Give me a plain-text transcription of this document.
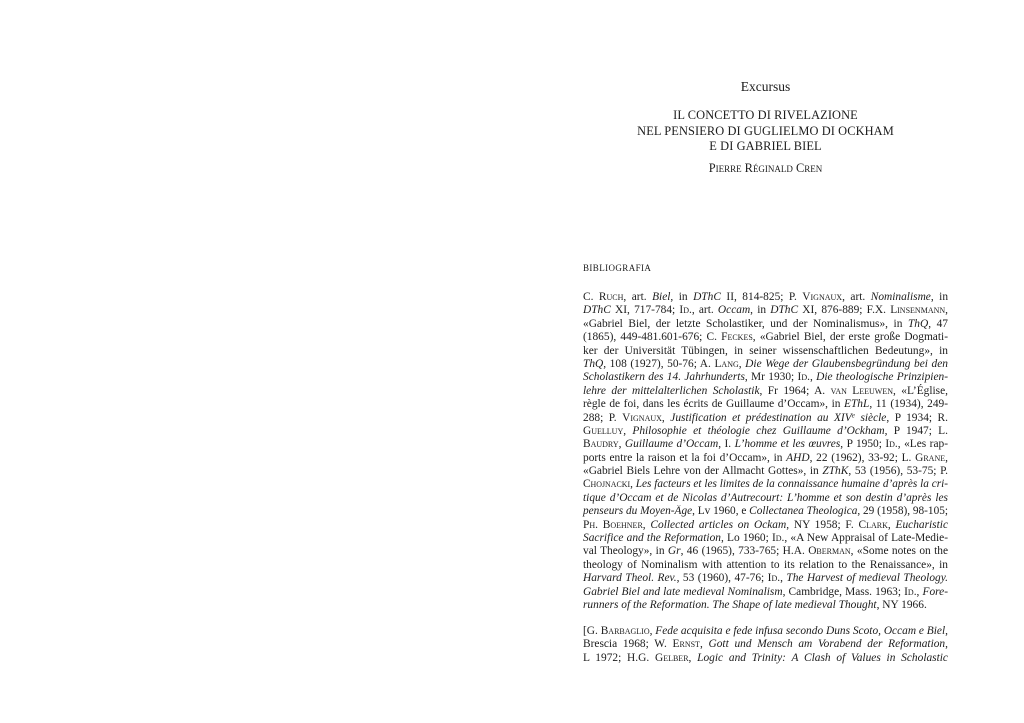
Excursus
IL CONCETTO DI RIVELAZIONE
NEL PENSIERO DI GUGLIELMO DI OCKHAM
E DI GABRIEL BIEL
Pierre Réginald Cren
BIBLIOGRAFIA
C. Ruch, art. Biel, in DThC II, 814-825; P. Vignaux, art. Nominalisme, in
DThC XI, 717-784; Id., art. Occam, in DThC XI, 876-889; F.X. Linsenmann,
«Gabriel Biel, der letzte Scholastiker, und der Nominalismus», in ThQ, 47
(1865), 449-481.601-676; C. Feckes, «Gabriel Biel, der erste große Dogmati-
ker der Universität Tübingen, in seiner wissenschaftlichen Bedeutung», in
ThQ, 108 (1927), 50-76; A. Lang, Die Wege der Glaubensbegründung bei den
Scholastikern des 14. Jahrhunderts, Mr 1930; Id., Die theologische Prinzipien-
lehre der mittelalterlichen Scholastik, Fr 1964; A. van Leeuwen, «L’Église,
règle de foi, dans les écrits de Guillaume d’Occam», in EThL, 11 (1934), 249-
288; P. Vignaux, Justification et prédestination au XIVe siècle, P 1934; R.
Guelluy, Philosophie et théologie chez Guillaume d’Ockham, P 1947; L.
Baudry, Guillaume d’Occam, I. L’homme et les œuvres, P 1950; Id., «Les rap-
ports entre la raison et la foi d’Occam», in AHD, 22 (1962), 33-92; L. Grane,
«Gabriel Biels Lehre von der Allmacht Gottes», in ZThK, 53 (1956), 53-75; P.
Chojnacki, Les facteurs et les limites de la connaissance humaine d’après la cri-
tique d’Occam et de Nicolas d’Autrecourt: L’homme et son destin d’après les
penseurs du Moyen-Âge, Lv 1960, e Collectanea Theologica, 29 (1958), 98-105;
Ph. Boehner, Collected articles on Ockam, NY 1958; F. Clark, Eucharistic
Sacrifice and the Reformation, Lo 1960; Id., «A New Appraisal of Late-Medie-
val Theology», in Gr, 46 (1965), 733-765; H.A. Oberman, «Some notes on the
theology of Nominalism with attention to its relation to the Renaissance», in
Harvard Theol. Rev., 53 (1960), 47-76; Id., The Harvest of medieval Theology.
Gabriel Biel and late medieval Nominalism, Cambridge, Mass. 1963; Id., Fore-
runners of the Reformation. The Shape of late medieval Thought, NY 1966.
[G. Barbaglio, Fede acquisita e fede infusa secondo Duns Scoto, Occam e Biel,
Brescia 1968; W. Ernst, Gott und Mensch am Vorabend der Reformation,
L 1972; H.G. Gelber, Logic and Trinity: A Clash of Values in Scholastic
